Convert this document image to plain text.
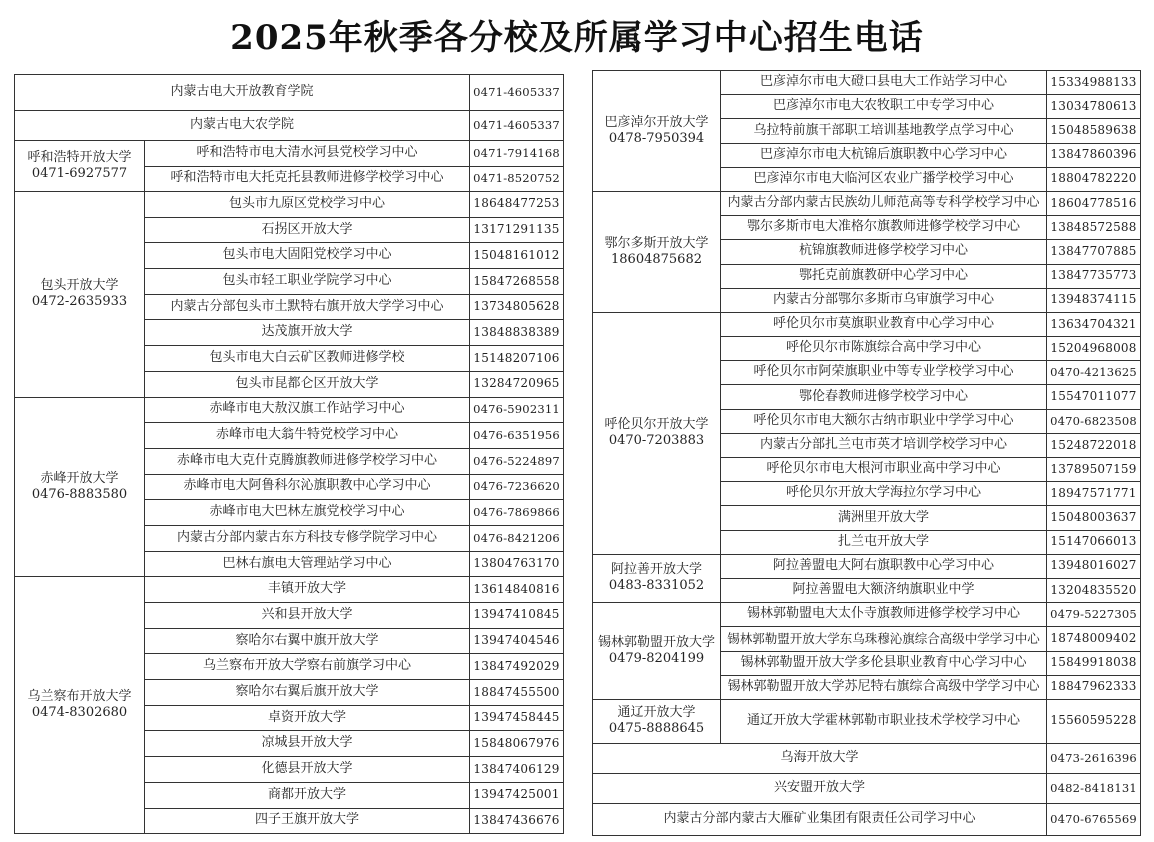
2025年秋季各分校及所属学习中心招生电话
内蒙古电大开放教育学院		0471-4605337
内蒙古电大农学院		0471-4605337

呼和浩特开放大学
0471-6927577	呼和浩特市电大清水河县党校学习中心	0471-7914168
	呼和浩特市电大托克托县教师进修学校学习中心	0471-8520752

包头开放大学
0472-2635933	包头市九原区党校学习中心	18648477253
	石拐区开放大学	13171291135
	包头市电大固阳党校学习中心	15048161012
	包头市轻工职业学院学习中心	15847268558
	内蒙古分部包头市土默特右旗开放大学学习中心	13734805628
	达茂旗开放大学	13848838389
	包头市电大白云矿区教师进修学校	15148207106
	包头市昆都仑区开放大学	13284720965

赤峰开放大学
0476-8883580	赤峰市电大敖汉旗工作站学习中心	0476-5902311
	赤峰市电大翁牛特党校学习中心	0476-6351956
	赤峰市电大克什克腾旗教师进修学校学习中心	0476-5224897
	赤峰市电大阿鲁科尔沁旗职教中心学习中心	0476-7236620
	赤峰市电大巴林左旗党校学习中心	0476-7869866
	内蒙古分部内蒙古东方科技专修学院学习中心	0476-8421206
	巴林右旗电大管理站学习中心	13804763170

乌兰察布开放大学
0474-8302680	丰镇开放大学	13614840816
	兴和县开放大学	13947410845
	察哈尔右翼中旗开放大学	13947404546
	乌兰察布开放大学察右前旗学习中心	13847492029
	察哈尔右翼后旗开放大学	18847455500
	卓资开放大学	13947458445
	凉城县开放大学	15848067976
	化德县开放大学	13847406129
	商都开放大学	13947425001
	四子王旗开放大学	13847436676
巴彦淖尔开放大学
0478-7950394	巴彦淖尔市电大磴口县电大工作站学习中心	15334988133
	巴彦淖尔市电大农牧职工中专学习中心	13034780613
	乌拉特前旗干部职工培训基地教学点学习中心	15048589638
	巴彦淖尔市电大杭锦后旗职教中心学习中心	13847860396
	巴彦淖尔市电大临河区农业广播学校学习中心	18804782220

鄂尔多斯开放大学
18604875682	内蒙古分部内蒙古民族幼儿师范高等专科学校学习中心	18604778516
	鄂尔多斯市电大准格尔旗教师进修学校学习中心	13848572588
	杭锦旗教师进修学校学习中心	13847707885
	鄂托克前旗教研中心学习中心	13847735773
	内蒙古分部鄂尔多斯市乌审旗学习中心	13948374115

呼伦贝尔开放大学
0470-7203883	呼伦贝尔市莫旗职业教育中心学习中心	13634704321
	呼伦贝尔市陈旗综合高中学习中心	15204968008
	呼伦贝尔市阿荣旗职业中等专业学校学习中心	0470-4213625
	鄂伦春教师进修学校学习中心	15547011077
	呼伦贝尔市电大额尔古纳市职业中学学习中心	0470-6823508
	内蒙古分部扎兰屯市英才培训学校学习中心	15248722018
	呼伦贝尔市电大根河市职业高中学习中心	13789507159
	呼伦贝尔开放大学海拉尔学习中心	18947571771
	满洲里开放大学	15048003637
	扎兰屯开放大学	15147066013

阿拉善开放大学
0483-8331052	阿拉善盟电大阿右旗职教中心学习中心	13948016027
	阿拉善盟电大额济纳旗职业中学	13204835520

锡林郭勒盟开放大学
0479-8204199	锡林郭勒盟电大太仆寺旗教师进修学校学习中心	0479-5227305
	锡林郭勒盟开放大学东乌珠穆沁旗综合高级中学学习中心	18748009402
	锡林郭勒盟开放大学多伦县职业教育中心学习中心	15849918038
	锡林郭勒盟开放大学苏尼特右旗综合高级中学学习中心	18847962333

通辽开放大学
0475-8888645	通辽开放大学霍林郭勒市职业技术学校学习中心	15560595228
乌海开放大学		0473-2616396
兴安盟开放大学		0482-8418131
内蒙古分部内蒙古大雁矿业集团有限责任公司学习中心		0470-6765569
